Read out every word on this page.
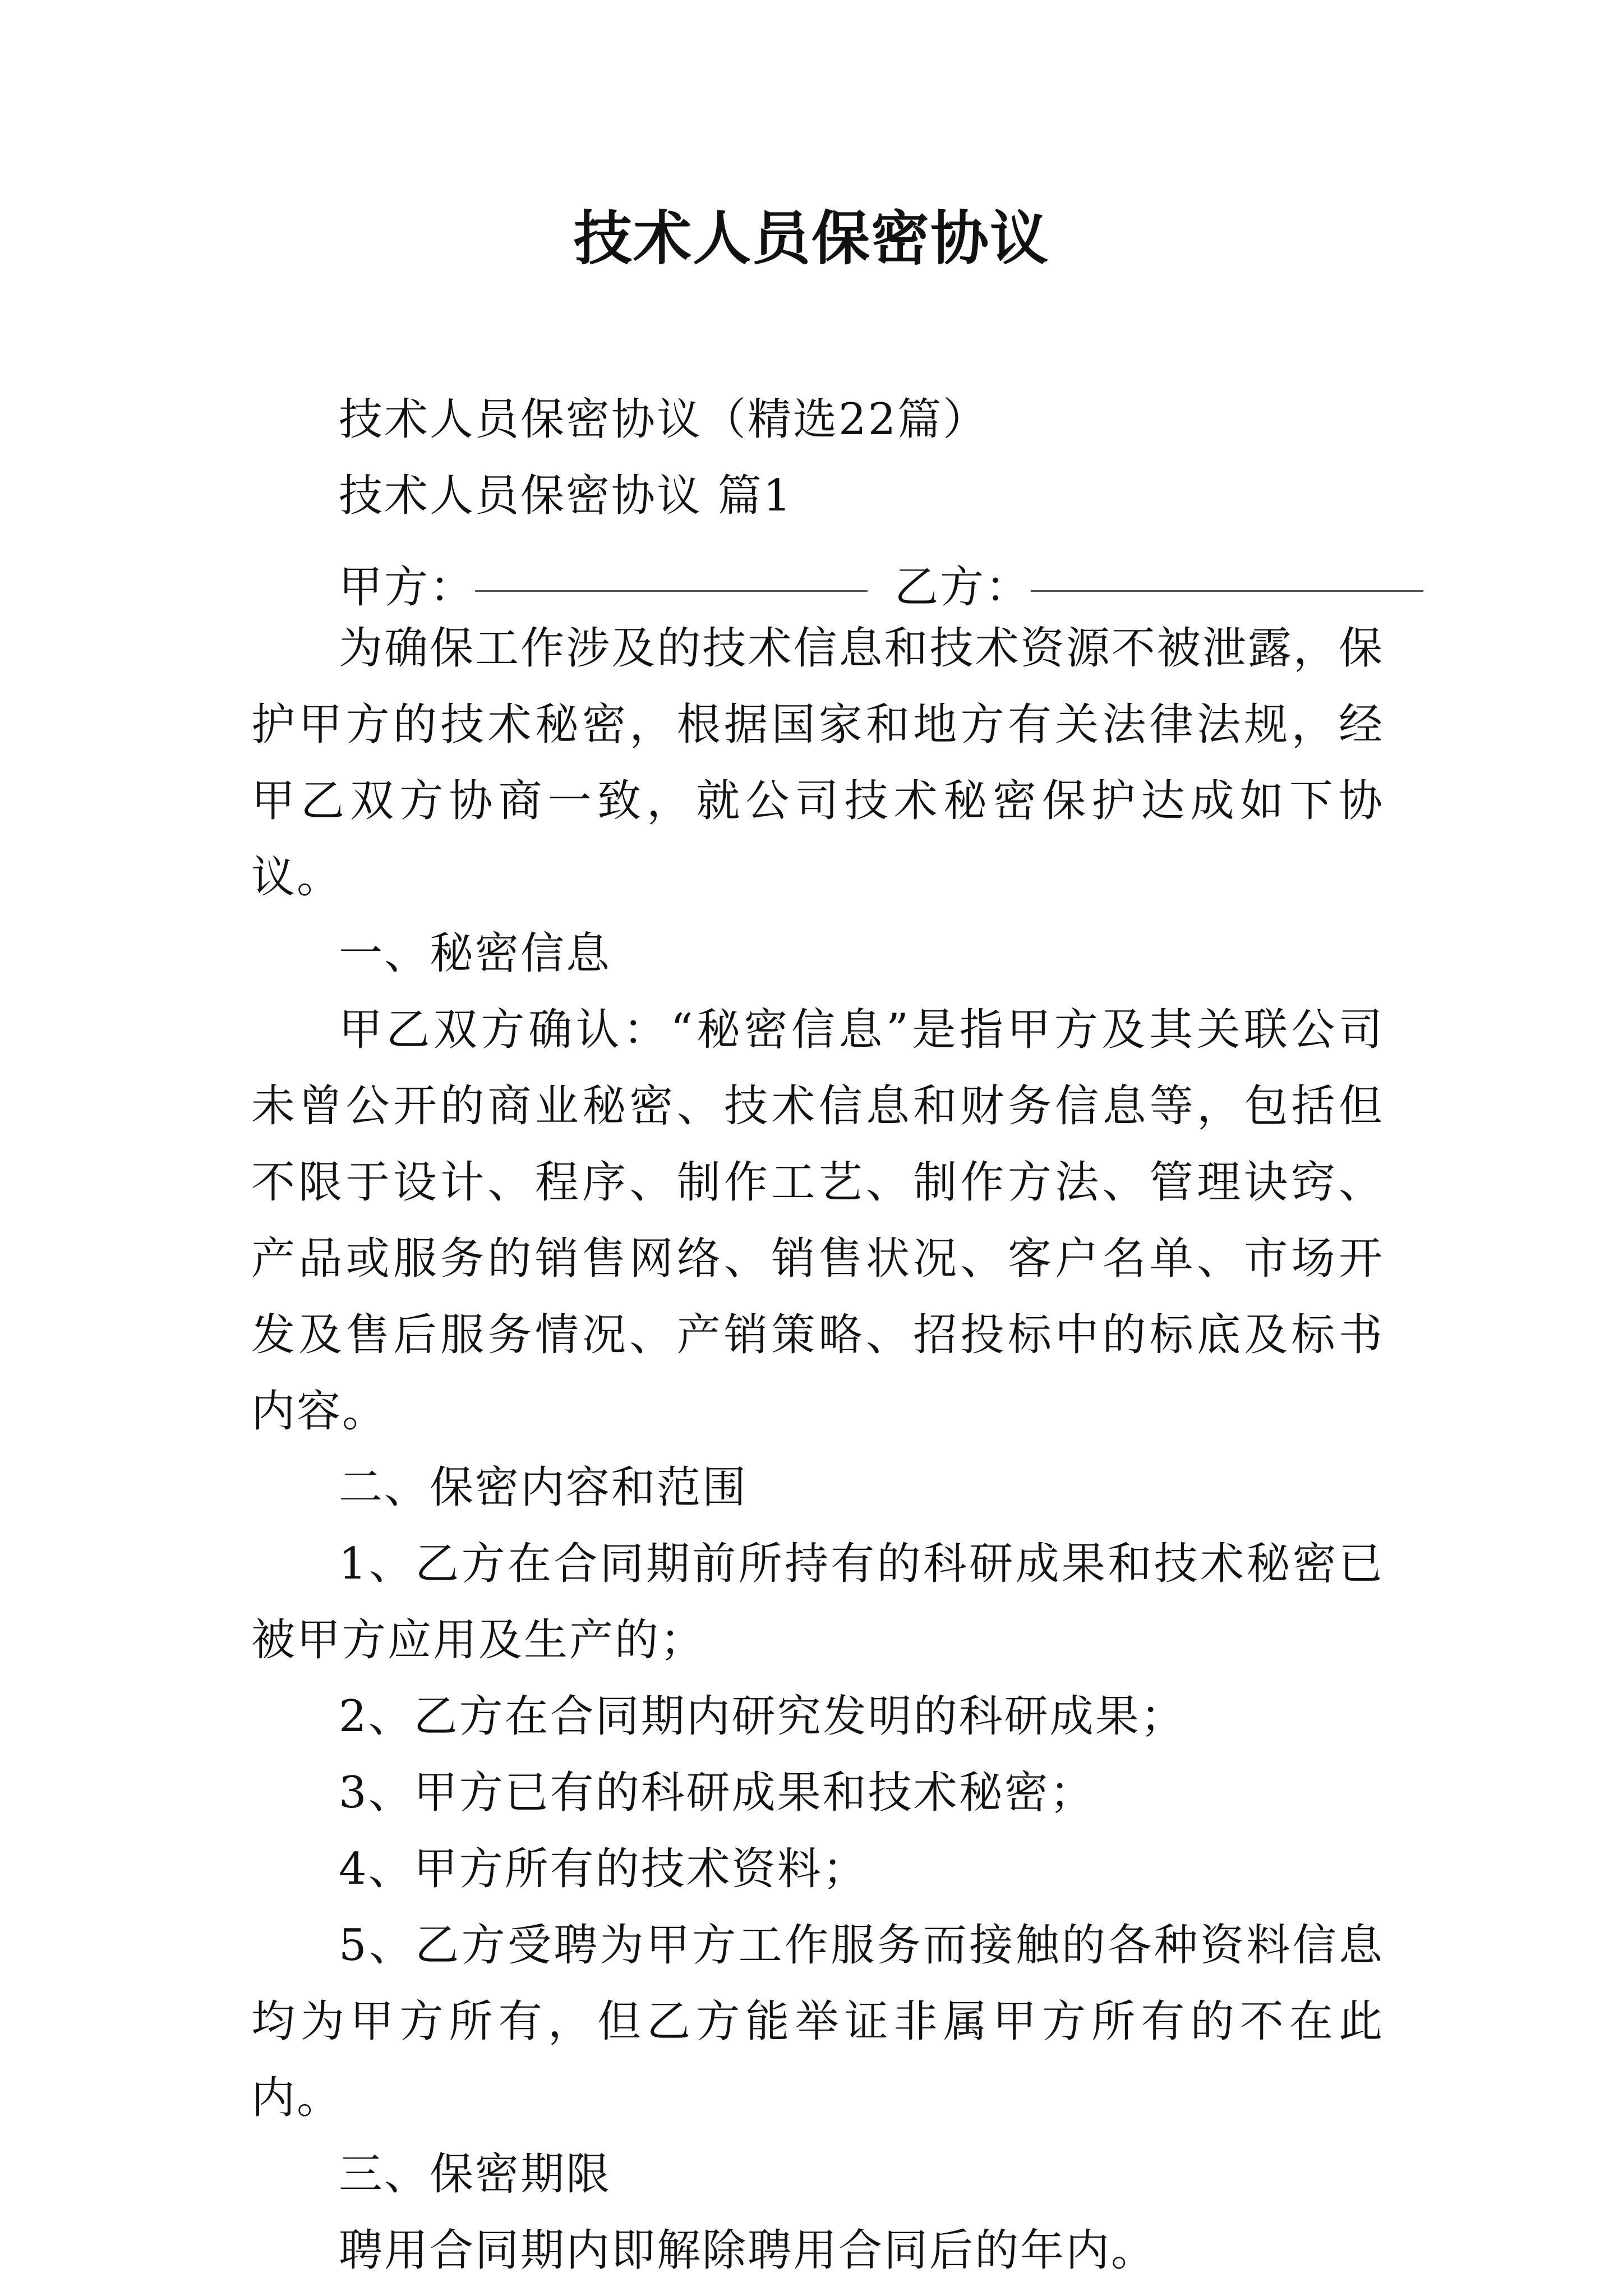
技术人员保密协议
技术人员保密协议（精选22篇）
技术人员保密协议 篇1
甲方：	乙方：

为确保工作涉及的技术信息和技术资源不被泄露，保护甲方的技术秘密，根据国家和地方有关法律法规，经甲乙双方协商一致，就公司技术秘密保护达成如下协议。

一、秘密信息

甲乙双方确认：“秘密信息”是指甲方及其关联公司未曾公开的商业秘密、技术信息和财务信息等，包括但不限于设计、程序、制作工艺、制作方法、管理诀窍、产品或服务的销售网络、销售状况、客户名单、市场开发及售后服务情况、产销策略、招投标中的标底及标书内容。

二、保密内容和范围

1、乙方在合同期前所持有的科研成果和技术秘密已被甲方应用及生产的；

2、乙方在合同期内研究发明的科研成果；

3、甲方已有的科研成果和技术秘密；

4、甲方所有的技术资料；

5、乙方受聘为甲方工作服务而接触的各种资料信息均为甲方所有，但乙方能举证非属甲方所有的不在此内。

三、保密期限

聘用合同期内即解除聘用合同后的年内。
